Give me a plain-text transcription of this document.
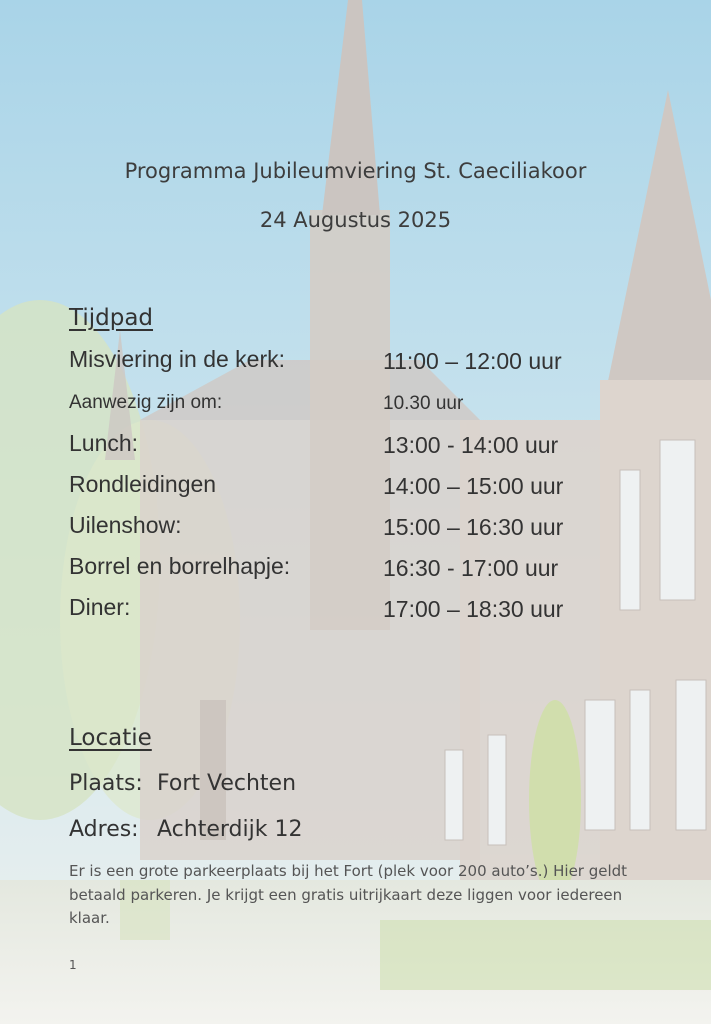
Programma Jubileumviering St. Caeciliakoor
24 Augustus 2025
Tijdpad
Misviering in de kerk:	11:00 – 12:00 uur
Aanwezig zijn om:	10.30 uur
Lunch:	13:00 - 14:00 uur
Rondleidingen	14:00 – 15:00 uur
Uilenshow:	15:00 – 16:30 uur
Borrel en borrelhapje:	16:30 - 17:00 uur
Diner:	17:00 – 18:30 uur
Locatie
Plaats: Fort Vechten
Adres: Achterdijk 12
Er is een grote parkeerplaats bij het Fort (plek voor 200 auto’s.) Hier geldt betaald parkeren. Je krijgt een gratis uitrijkaart deze liggen voor iedereen klaar.
1
